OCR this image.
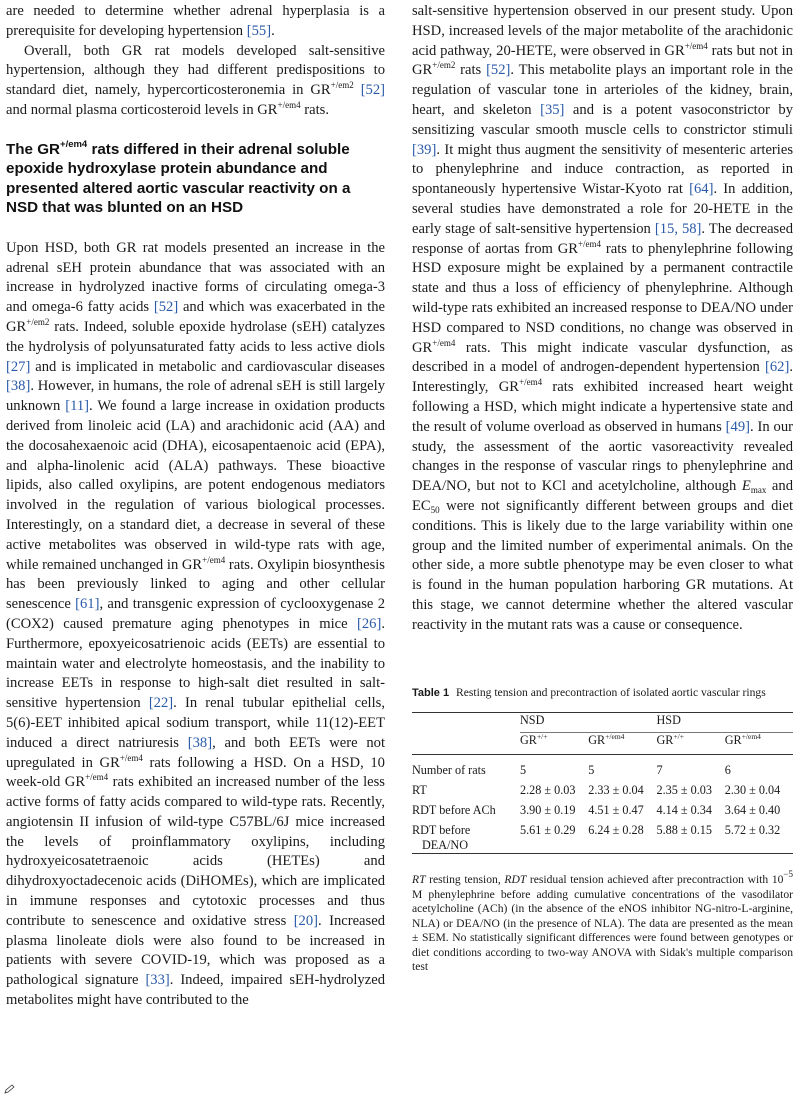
are needed to determine whether adrenal hyperplasia is a prerequisite for developing hypertension [55].

Overall, both GR rat models developed salt-sensitive hypertension, although they had different predispositions to standard diet, namely, hypercorticosteronemia in $GR^{+/em2}$ [52] and normal plasma corticosteroid levels in $GR^{+/em4}$ rats.

The $GR^{+/em4}$ rats differed in their adrenal soluble epoxide hydroxylase protein abundance and presented altered aortic vascular reactivity on a NSD that was blunted on an HSD

Upon HSD, both GR rat models presented an increase in the adrenal sEH protein abundance that was associated with an increase in hydrolyzed inactive forms of circulating omega-3 and omega-6 fatty acids [52] and which was exacerbated in the $GR^{+/em2}$ rats. Indeed, soluble epoxide hydrolase (sEH) catalyzes the hydrolysis of polyunsaturated fatty acids to less active diols [27] and is implicated in metabolic and cardiovascular diseases [38]. However, in humans, the role of adrenal sEH is still largely unknown [11]. We found a large increase in oxidation products derived from linoleic acid (LA) and arachidonic acid (AA) and the docosahexaenoic acid (DHA), eicosapentaenoic acid (EPA), and alpha-linolenic acid (ALA) pathways. These bioactive lipids, also called oxylipins, are potent endogenous mediators involved in the regulation of various biological processes. Interestingly, on a standard diet, a decrease in several of these active metabolites was observed in wild-type rats with age, while remained unchanged in $GR^{+/em4}$ rats. Oxylipin biosynthesis has been previously linked to aging and other cellular senescence [61], and transgenic expression of cyclooxygenase 2 (COX2) caused premature aging phenotypes in mice [26]. Furthermore, epoxyeicosatrienoic acids (EETs) are essential to maintain water and electrolyte homeostasis, and the inability to increase EETs in response to high-salt diet resulted in salt-sensitive hypertension [22]. In renal tubular epithelial cells, 5(6)-EET inhibited apical sodium transport, while 11(12)-EET induced a direct natriuresis [38], and both EETs were not upregulated in $GR^{+/em4}$ rats following a HSD. On a HSD, 10 week-old $GR^{+/em4}$ rats exhibited an increased number of the less active forms of fatty acids compared to wild-type rats. Recently, angiotensin II infusion of wild-type C57BL/6J mice increased the levels of proinflammatory oxylipins, including hydroxyeicosatetraenoic acids (HETEs) and dihydroxyoctadecenoic acids (DiHOMEs), which are implicated in immune responses and cytotoxic processes and thus contribute to senescence and oxidative stress [20]. Increased plasma linoleate diols were also found to be increased in patients with severe COVID-19, which was proposed as a pathological signature [33]. Indeed, impaired sEH-hydrolyzed metabolites might have contributed to the

salt-sensitive hypertension observed in our present study. Upon HSD, increased levels of the major metabolite of the arachidonic acid pathway, 20-HETE, were observed in $GR^{+/em4}$ rats but not in $GR^{+/em2}$ rats [52]. This metabolite plays an important role in the regulation of vascular tone in arterioles of the kidney, brain, heart, and skeleton [35] and is a potent vasoconstrictor by sensitizing vascular smooth muscle cells to constrictor stimuli [39]. It might thus augment the sensitivity of mesenteric arteries to phenylephrine and induce contraction, as reported in spontaneously hypertensive Wistar-Kyoto rat [64]. In addition, several studies have demonstrated a role for 20-HETE in the early stage of salt-sensitive hypertension [15, 58]. The decreased response of aortas from $GR^{+/em4}$ rats to phenylephrine following HSD exposure might be explained by a permanent contractile state and thus a loss of efficiency of phenylephrine. Although wild-type rats exhibited an increased response to DEA/NO under HSD compared to NSD conditions, no change was observed in $GR^{+/em4}$ rats. This might indicate vascular dysfunction, as described in a model of androgen-dependent hypertension [62]. Interestingly, $GR^{+/em4}$ rats exhibited increased heart weight following a HSD, which might indicate a hypertensive state and the result of volume overload as observed in humans [49]. In our study, the assessment of the aortic vasoreactivity revealed changes in the response of vascular rings to phenylephrine and DEA/NO, but not to KCl and acetylcholine, although $E_{max}$ and $EC_{50}$ were not significantly different between groups and diet conditions. This is likely due to the large variability within one group and the limited number of experimental animals. On the other side, a more subtle phenotype may be even closer to what is found in the human population harboring GR mutations. At this stage, we cannot determine whether the altered vascular reactivity in the mutant rats was a cause or consequence.

Table 1 Resting tension and precontraction of isolated aortic vascular rings
	NSD		HSD	
	GR+/+	$GR^{+/em4}$	GR+/+	$GR^{+/em4}$
Number of rats	5	5	7	6
RT	2.28 ± 0.03	2.33 ± 0.04	2.35 ± 0.03	2.30 ± 0.04
RDT before ACh	3.90 ± 0.19	4.51 ± 0.47	4.14 ± 0.34	3.64 ± 0.40
RDT before
DEA/NO	5.61 ± 0.29	6.24 ± 0.28	5.88 ± 0.15	5.72 ± 0.32

RT resting tension, RDT residual tension achieved after precontraction with $10^{-5}$ M phenylephrine before adding cumulative concentrations of the vasodilator acetylcholine (ACh) (in the absence of the eNOS inhibitor NG-nitro-L-arginine, NLA) or DEA/NO (in the presence of NLA). The data are presented as the mean ± SEM. No statistically significant differences were found between genotypes or diet conditions according to two-way ANOVA with Sidak's multiple comparison test
